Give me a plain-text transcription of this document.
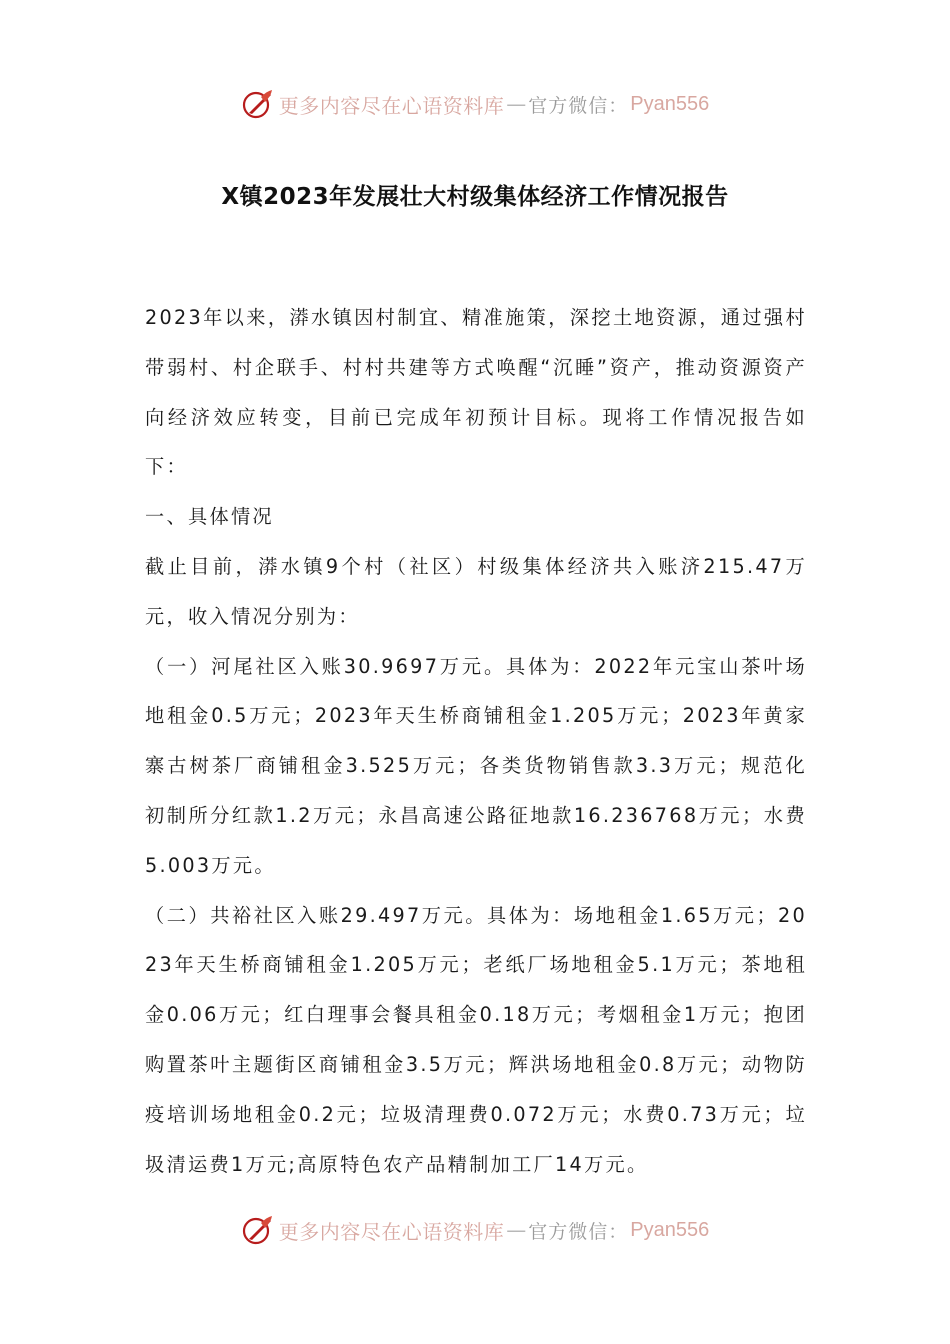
更多内容尽在心语资料库 — 官方微信： Pyan556
X镇2023年发展壮大村级集体经济工作情况报告

2023年以来，漭水镇因村制宜、精准施策，深挖土地资源，通过强村带弱村、村企联手、村村共建等方式唤醒“沉睡”资产，推动资源资产向经济效应转变，目前已完成年初预计目标。现将工作情况报告如下：

一、具体情况

截止目前，漭水镇9个村（社区）村级集体经济共入账济215.47万元，收入情况分别为：

（一）河尾社区入账30.9697万元。具体为：2022年元宝山茶叶场地租金0.5万元；2023年天生桥商铺租金1.205万元；2023年黄家寨古树茶厂商铺租金3.525万元；各类货物销售款3.3万元；规范化初制所分红款1.2万元；永昌高速公路征地款16.236768万元；水费5.003万元。

（二）共裕社区入账29.497万元。具体为：场地租金1.65万元；2023年天生桥商铺租金1.205万元；老纸厂场地租金5.1万元；茶地租金0.06万元；红白理事会餐具租金0.18万元；考烟租金1万元；抱团购置茶叶主题街区商铺租金3.5万元；辉洪场地租金0.8万元；动物防疫培训场地租金0.2元；垃圾清理费0.072万元；水费0.73万元；垃圾清运费1万元;高原特色农产品精制加工厂14万元。

更多内容尽在心语资料库 — 官方微信： Pyan556
